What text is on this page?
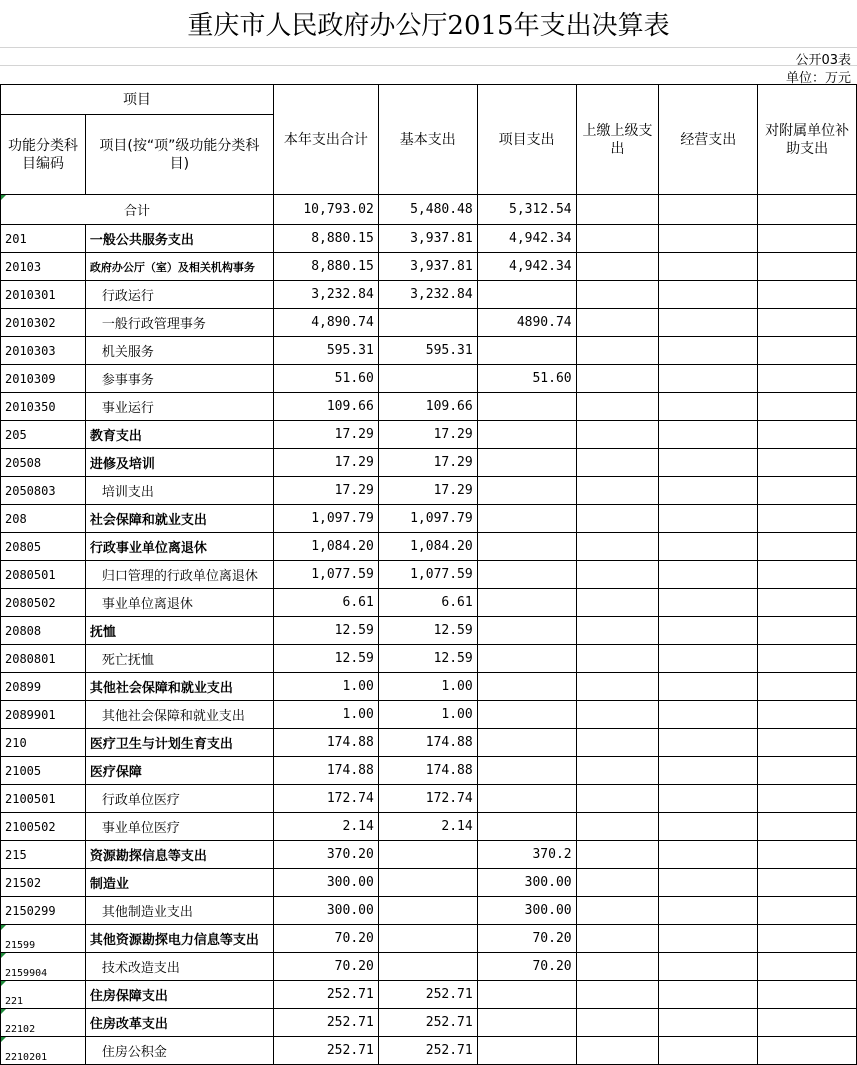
重庆市人民政府办公厅2015年支出决算表
公开03表
单位：万元
项目		本年支出合计	基本支出	项目支出	上缴上级支出	经营支出	对附属单位补助支出
功能分类科目编码	项目(按“项”级功能分类科目)						
合计		10,793.02	5,480.48	5,312.54			
201	一般公共服务支出	8,880.15	3,937.81	4,942.34			
20103	政府办公厅（室）及相关机构事务	8,880.15	3,937.81	4,942.34			
2010301	行政运行	3,232.84	3,232.84				
2010302	一般行政管理事务	4,890.74		4890.74			
2010303	机关服务	595.31	595.31				
2010309	参事事务	51.60		51.60			
2010350	事业运行	109.66	109.66				
205	教育支出	17.29	17.29				
20508	进修及培训	17.29	17.29				
2050803	培训支出	17.29	17.29				
208	社会保障和就业支出	1,097.79	1,097.79				
20805	行政事业单位离退休	1,084.20	1,084.20				
2080501	归口管理的行政单位离退休	1,077.59	1,077.59				
2080502	事业单位离退休	6.61	6.61				
20808	抚恤	12.59	12.59				
2080801	死亡抚恤	12.59	12.59				
20899	其他社会保障和就业支出	1.00	1.00				
2089901	其他社会保障和就业支出	1.00	1.00				
210	医疗卫生与计划生育支出	174.88	174.88				
21005	医疗保障	174.88	174.88				
2100501	行政单位医疗	172.74	172.74				
2100502	事业单位医疗	2.14	2.14				
215	资源勘探信息等支出	370.20		370.2			
21502	制造业	300.00		300.00			
2150299	其他制造业支出	300.00		300.00			
21599	其他资源勘探电力信息等支出	70.20		70.20			
2159904	技术改造支出	70.20		70.20			
221	住房保障支出	252.71	252.71				
22102	住房改革支出	252.71	252.71				
2210201	住房公积金	252.71	252.71				
